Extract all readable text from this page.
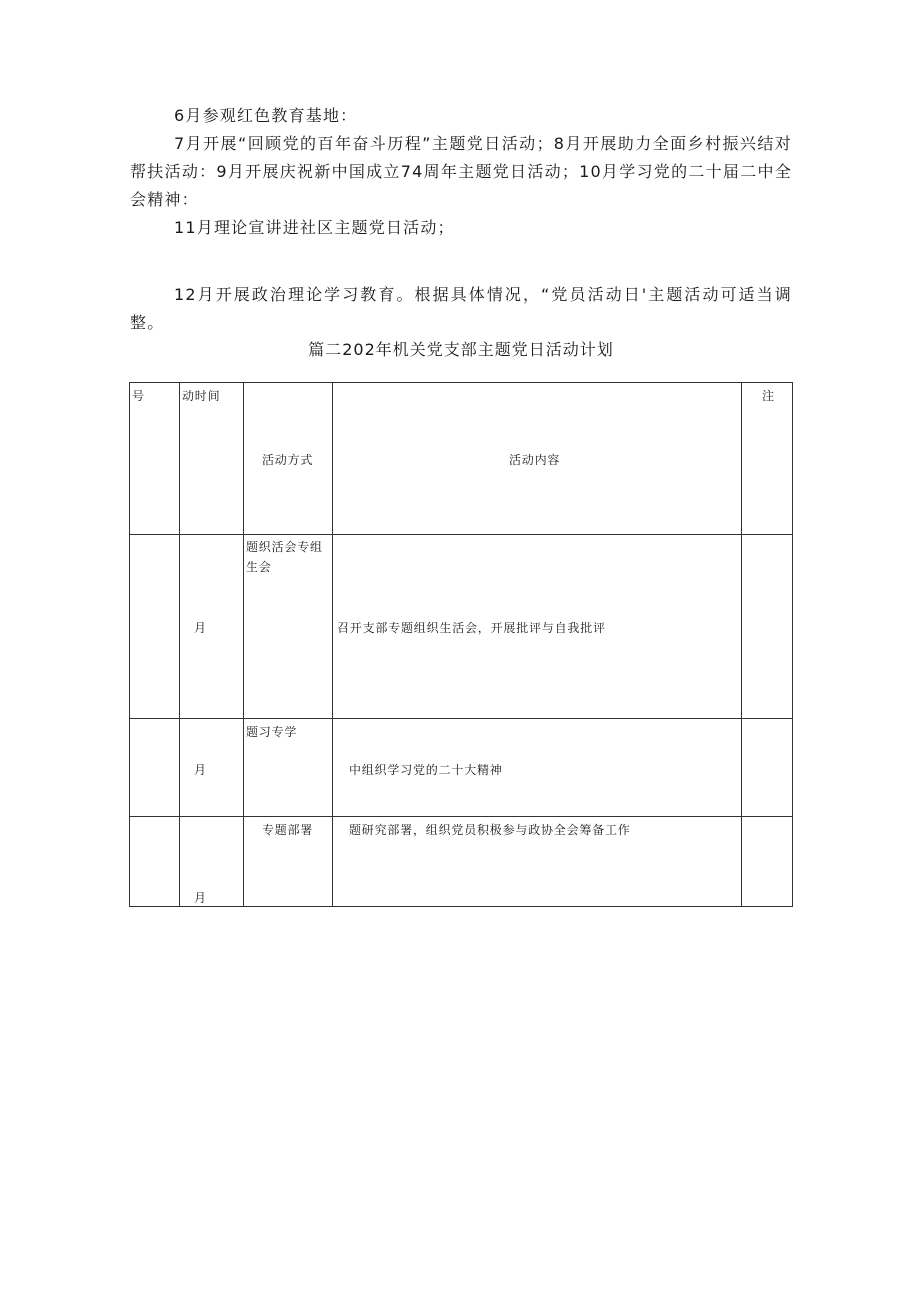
6月参观红色教育基地：

7月开展“回顾党的百年奋斗历程”主题党日活动；8月开展助力全面乡村振兴结对帮扶活动：9月开展庆祝新中国成立74周年主题党日活动；10月学习党的二十届二中全会精神：

11月理论宣讲进社区主题党日活动；

12月开展政治理论学习教育。根据具体情况，“党员活动日'主题活动可适当调整。

篇二202年机关党支部主题党日活动计划

号	动时间	活动方式	活动内容	注

	月	题织活会专组生会	召开支部专题组织生活会，开展批评与自我批评	

	月	题习专学	中组织学习党的二十大精神	

	月	专题部署	题研究部署，组织党员积极参与政协全会筹备工作	
